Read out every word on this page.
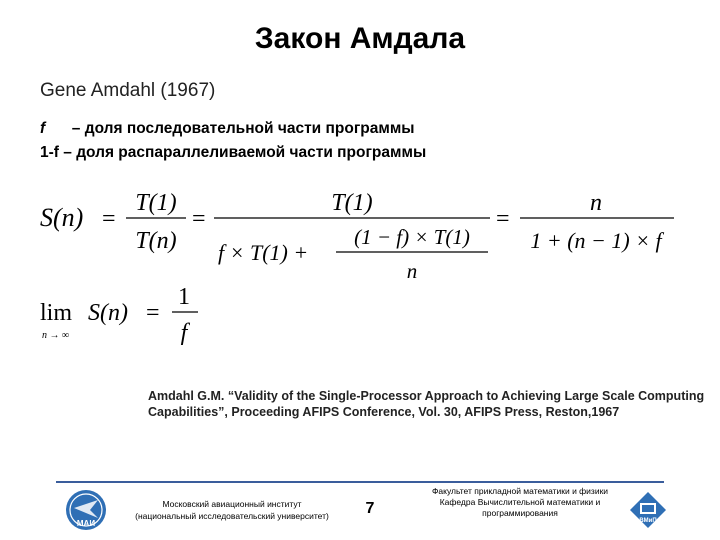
Закон Амдала
Gene Amdahl (1967)
f – доля последовательной части программы
1-f – доля распараллеливаемой части программы
S(n) =
T(1)
T(n)
=
T(1)
f × T(1) +
(1 − f) × T(1)
n
=
n
1 + (n − 1) × f
lim
n → ∞
S(n) =
1
f
Amdahl G.M. “Validity of the Single-Processor Approach to Achieving Large Scale Computing
Capabilities”, Proceeding AFIPS Conference, Vol. 30, AFIPS Press, Reston,1967
МАИ
Московский авиационный институт
(национальный исследовательский университет)	7
Факультет прикладной математики и физики
Кафедра Вычислительной математики и
программирования
ВМиП
